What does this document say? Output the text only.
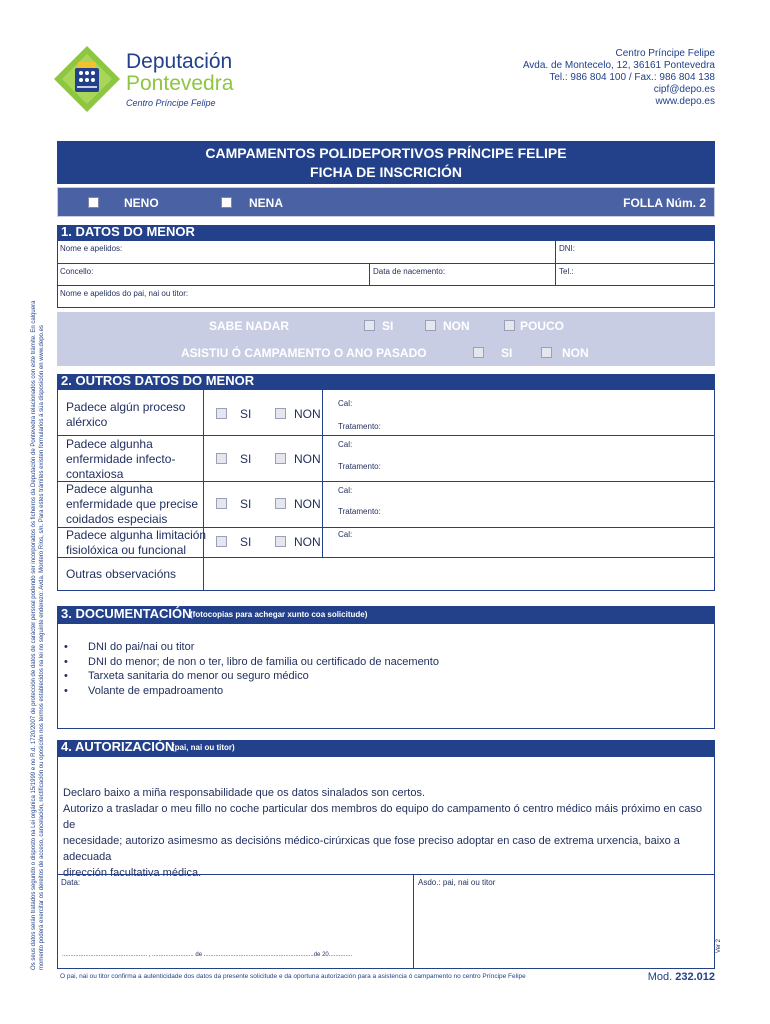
Deputación
Pontevedra
Centro Príncipe Felipe
Centro Príncipe Felipe
Avda. de Montecelo, 12, 36161 Pontevedra
Tel.: 986 804 100 / Fax.: 986 804 138
cipf@depo.es
www.depo.es
Os seus datos serán tratados segundo o disposto na Lei orgánica 15/1999 e no R.d. 1720/2007 de protección de datos de carácter persoal podendo ser incorporados ós ficheiros da Deputación de Pontevedra relacionados con este trámite. En calquera momento poderá exercitar os dereitos de acceso, cancelación, rectificación ou oposición nos termos establecidos na lei no seguinte enderezo: Avda. Montero Ríos, s/n. Para estes trámites existen formularios á súa disposición en www.depo.es
CAMPAMENTOS POLIDEPORTIVOS PRÍNCIPE FELIPE
FICHA DE INSCRICIÓN
NENO	NENA	FOLLA Núm. 2
1. DATOS DO MENOR
Nome e apelidos:	DNI:
Concello:	Data de nacemento:	Tel.:
Nome e apelidos do pai, nai ou titor:
SABE NADAR	SI	NON	POUCO
ASISTIU Ó CAMPAMENTO O ANO PASADO	SI	NON
2. OUTROS DATOS DO MENOR
Padece algún proceso
alérxico
SI	NON
Cal:
Tratamento:
Padece algunha
enfermidade infecto-
contaxiosa
SI	NON
Cal:
Tratamento:
Padece algunha
enfermidade que precise
coidados especiais
SI	NON
Cal:
Tratamento:
Padece algunha limitación
fisiolóxica ou funcional
SI	NON
Cal:
Outras observacións
3. DOCUMENTACIÓN
(fotocopias para achegar xunto coa solicitude)
• DNI do pai/nai ou titor
• DNI do menor; de non o ter, libro de familia ou certificado de nacemento
• Tarxeta sanitaria do menor ou seguro médico
• Volante de empadroamento
4. AUTORIZACIÓN
(pai, nai ou titor)
Declaro baixo a miña responsabilidade que os datos sinalados son certos.
Autorizo a trasladar o meu fillo no coche particular dos membros do equipo do campamento ó centro médico máis próximo en caso de
necesidade; autorizo asimesmo as decisións médico-cirúrxicas que fose preciso adoptar en caso de extrema urxencia, baixo a adecuada
dirección facultativa médica.
Data:	Asdo.: pai, nai ou titor
................................................... , ......................... de ..................................................................de 20..............
Ver 2
O pai, nai ou titor confirma a autenticidade dos datos da presente solicitude e da oportuna autorización para a asistencia ó campamento no centro Príncipe Felipe	Mod. 232.012
